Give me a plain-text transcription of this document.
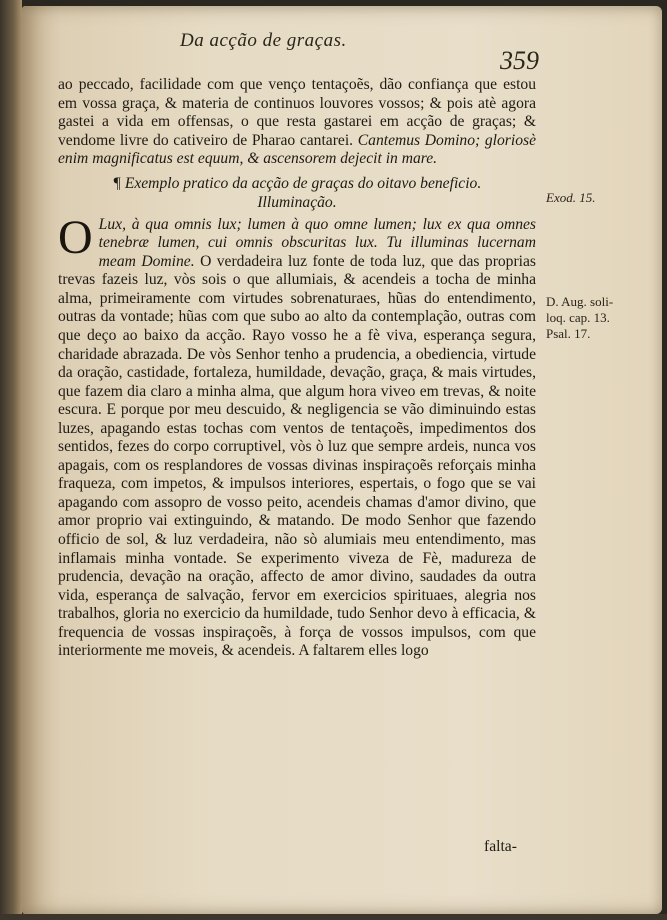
Da acção de graças.
359

ao peccado, facilidade com que venço tentaçoẽs, dão confiança que estou em vossa graça, & materia de continuos louvores vossos; & pois atè agora gastei a vida em offensas, o que resta gastarei em acção de graças; & vendome livre do cativeiro de Pharao cantarei. Cantemus Domino; gloriosè enim magnificatus est equum, & ascensorem dejecit in mare.

¶ Exemplo pratico da acção de graças do oitavo beneficio.
Illuminação.

O Lux, à qua omnis lux; lumen à quo omne lumen; lux ex qua omnes tenebræ lumen, cui omnis obscuritas lux. Tu illuminas lucernam meam Domine. O verdadeira luz fonte de toda luz, que das proprias trevas fazeis luz, vòs sois o que allumiais, & acendeis a tocha de minha alma, primeiramente com virtudes sobrenaturaes, hũas do entendimento, outras da vontade; hũas com que subo ao alto da contemplação, outras com que deço ao baixo da acção. Rayo vosso he a fè viva, esperança segura, charidade abrazada. De vòs Senhor tenho a prudencia, a obediencia, virtude da oração, castidade, fortaleza, humildade, devação, graça, & mais virtudes, que fazem dia claro a minha alma, que algum hora viveo em trevas, & noite escura. E porque por meu descuido, & negligencia se vão diminuindo estas luzes, apagando estas tochas com ventos de tentaçoẽs, impedimentos dos sentidos, fezes do corpo corruptivel, vòs ò luz que sempre ardeis, nunca vos apagais, com os resplandores de vossas divinas inspiraçoẽs reforçais minha fraqueza, com impetos, & impulsos interiores, espertais, o fogo que se vai apagando com assopro de vosso peito, acendeis chamas d'amor divino, que amor proprio vai extinguindo, & matando. De modo Senhor que fazendo officio de sol, & luz verdadeira, não sò alumiais meu entendimento, mas inflamais minha vontade. Se experimento viveza de Fè, madureza de prudencia, devação na oração, affecto de amor divino, saudades da outra vida, esperança de salvação, fervor em exercicios spirituaes, alegria nos trabalhos, gloria no exercicio da humildade, tudo Senhor devo à efficacia, & frequencia de vossas inspiraçoẽs, à força de vossos impulsos, com que interiormente me moveis, & acendeis. A faltarem elles logo

Exod. 15.
D. Aug. soli-
loq. cap. 13.
Psal. 17.
falta-
